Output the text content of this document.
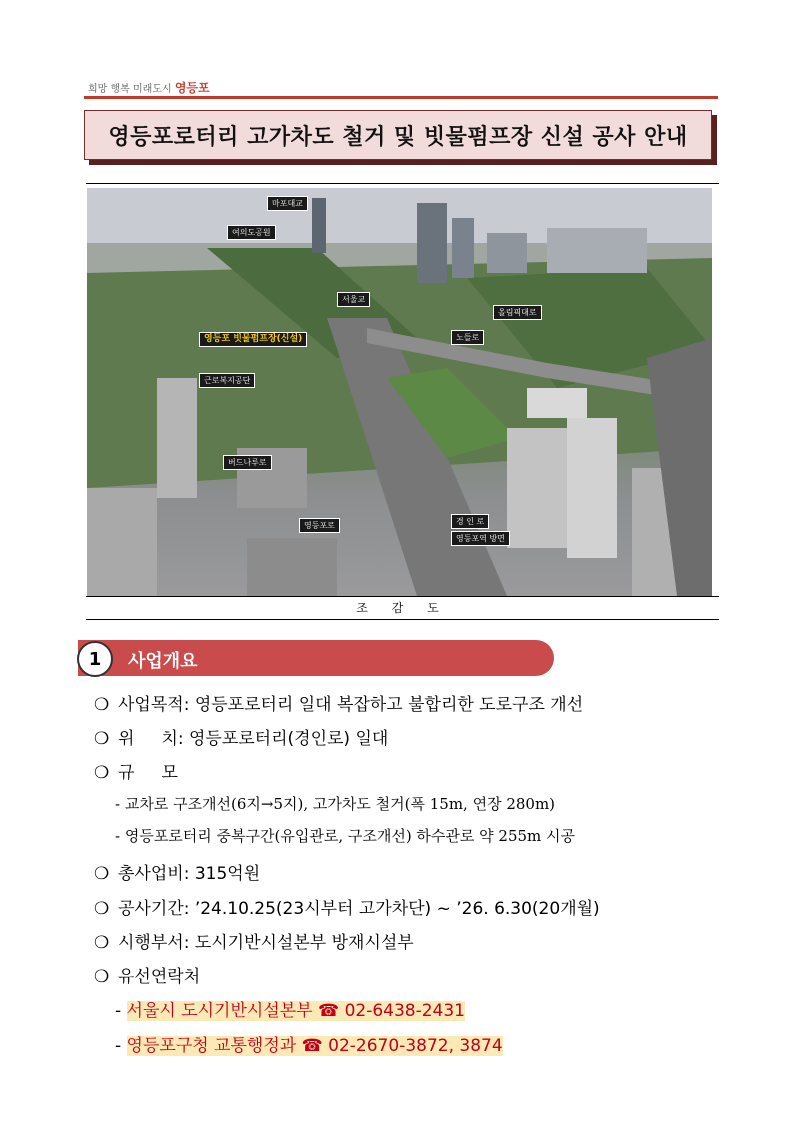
희망 행복 미래도시 영등포
영등포로터리 고가차도 철거 및 빗물펌프장 신설 공사 안내
마포대교
여의도공원
서울교
올림픽대로
영등포 빗물펌프장(신설)	노들로
근로복지공단
버드나루로
영등포로	경 인 로
영등포역 방면
조 감 도
1	사업개요
❍ 사업목적: 영등포로터리 일대 복잡하고 불합리한 도로구조 개선
❍ 위     치: 영등포로터리(경인로) 일대
❍ 규     모
- 교차로 구조개선(6지→5지), 고가차도 철거(폭 15m, 연장 280m)
- 영등포로터리 중복구간(유입관로, 구조개선) 하수관로 약 255m 시공
❍ 총사업비: 315억원
❍ 공사기간: ’24.10.25(23시부터 고가차단) ~ ’26. 6.30(20개월)
❍ 시행부서: 도시기반시설본부 방재시설부
❍ 유선연락처
- 서울시 도시기반시설본부 ☎ 02-6438-2431
- 영등포구청 교통행정과 ☎ 02-2670-3872, 3874
